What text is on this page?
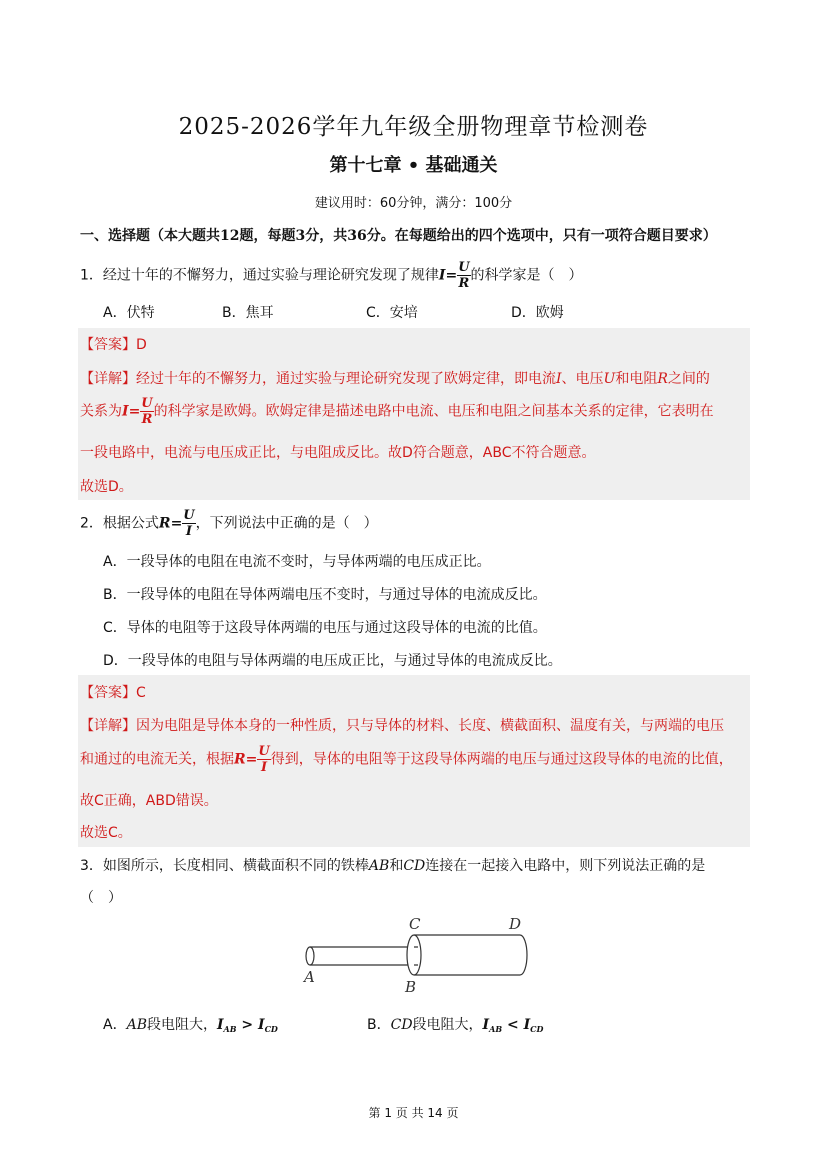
2025-2026学年九年级全册物理章节检测卷
第十七章 • 基础通关
建议用时：60分钟，满分：100分
一、选择题（本大题共12题，每题3分，共36分。在每题给出的四个选项中，只有一项符合题目要求）
1．经过十年的不懈努力，通过实验与理论研究发现了规律$I= \frac{U}{R}$ 的科学家是（　）
A．伏特	B．焦耳	C．安培	D．欧姆
【答案】D
【详解】经过十年的不懈努力，通过实验与理论研究发现了欧姆定律，即电流I、电压U和电阻R之间的
关系为$I= \frac{U}{R}$ 的科学家是欧姆。欧姆定律是描述电路中电流、电压和电阻之间基本关系的定律，它表明在
一段电路中，电流与电压成正比，与电阻成反比。故D符合题意，ABC不符合题意。
故选D。
2．根据公式$R= \frac{U}{I}$ ，下列说法中正确的是（　）
A．一段导体的电阻在电流不变时，与导体两端的电压成正比。
B．一段导体的电阻在导体两端电压不变时，与通过导体的电流成反比。
C．导体的电阻等于这段导体两端的电压与通过这段导体的电流的比值。
D．一段导体的电阻与导体两端的电压成正比，与通过导体的电流成反比。
【答案】C
【详解】因为电阻是导体本身的一种性质，只与导体的材料、长度、横截面积、温度有关，与两端的电压
和通过的电流无关，根据$R= \frac{U}{I}$ 得到，导体的电阻等于这段导体两端的电压与通过这段导体的电流的比值，
故C正确，ABD错误。
故选C。
3．如图所示，长度相同、横截面积不同的铁棒AB和CD连接在一起接入电路中，则下列说法正确的是
（　）
C	D
A
B
A．AB段电阻大，$I_{AB} > I_{CD}$	B．CD段电阻大，$I_{AB} < I_{CD}$
第 1 页 共 14 页
